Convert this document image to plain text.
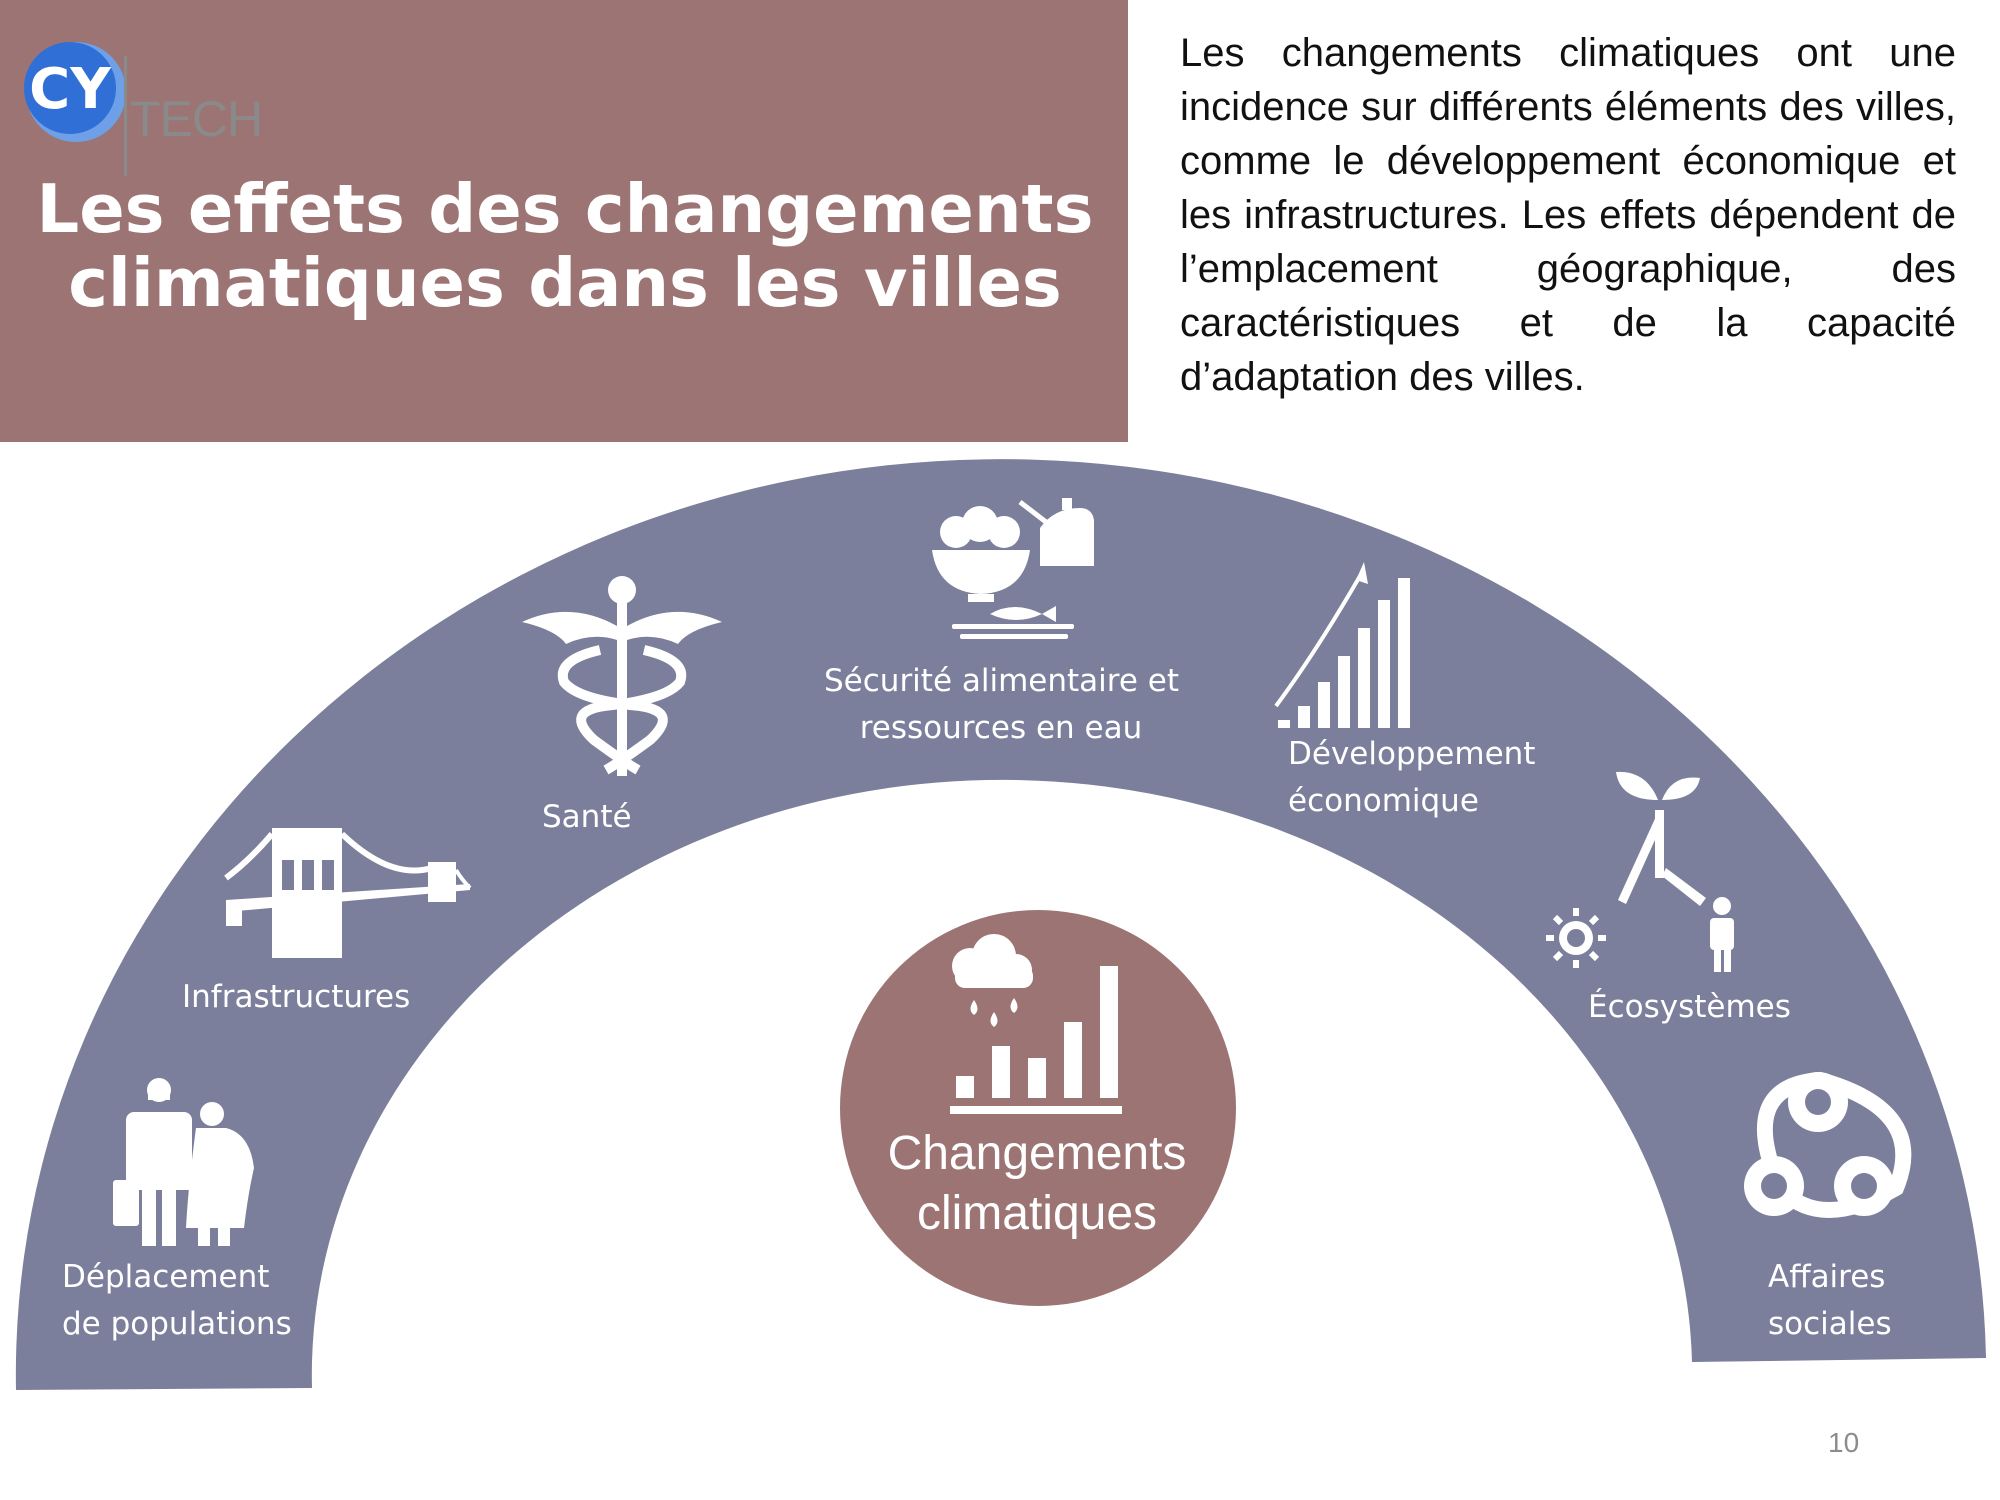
CY TECH
Les effets des changements
climatiques dans les villes
Les changements climatiques ont une incidence sur différents éléments des villes, comme le développement économique et les infrastructures. Les effets dépendent de l’emplacement géographique, des caractéristiques et de la capacité d’adaptation des villes.
Déplacement
de populations
Infrastructures
Santé
Sécurité alimentaire et
ressources en eau
Développement
économique
Écosystèmes
Affaires
sociales
Changements
climatiques
10
